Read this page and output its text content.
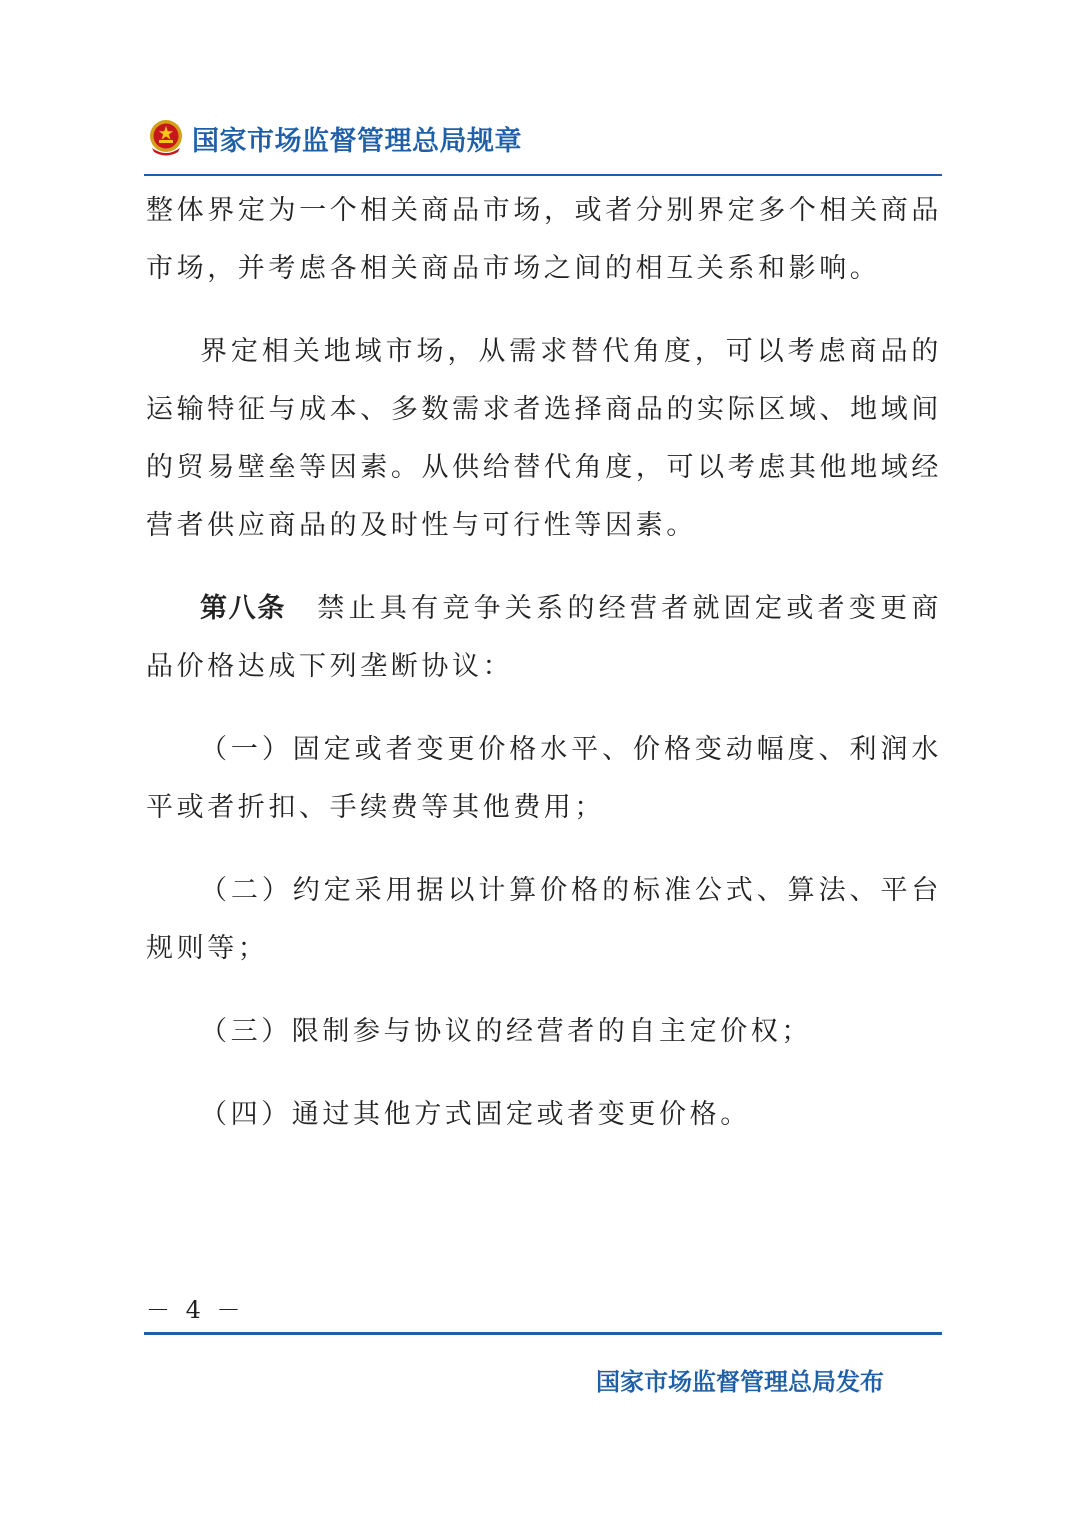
国家市场监督管理总局规章

整体界定为一个相关商品市场，或者分别界定多个相关商品市场，并考虑各相关商品市场之间的相互关系和影响。

界定相关地域市场，从需求替代角度，可以考虑商品的运输特征与成本、多数需求者选择商品的实际区域、地域间的贸易壁垒等因素。从供给替代角度，可以考虑其他地域经营者供应商品的及时性与可行性等因素。

第八条  禁止具有竞争关系的经营者就固定或者变更商品价格达成下列垄断协议：

（一）固定或者变更价格水平、价格变动幅度、利润水平或者折扣、手续费等其他费用；

（二）约定采用据以计算价格的标准公式、算法、平台规则等；

（三）限制参与协议的经营者的自主定价权；

（四）通过其他方式固定或者变更价格。

－ 4 －
国家市场监督管理总局发布
